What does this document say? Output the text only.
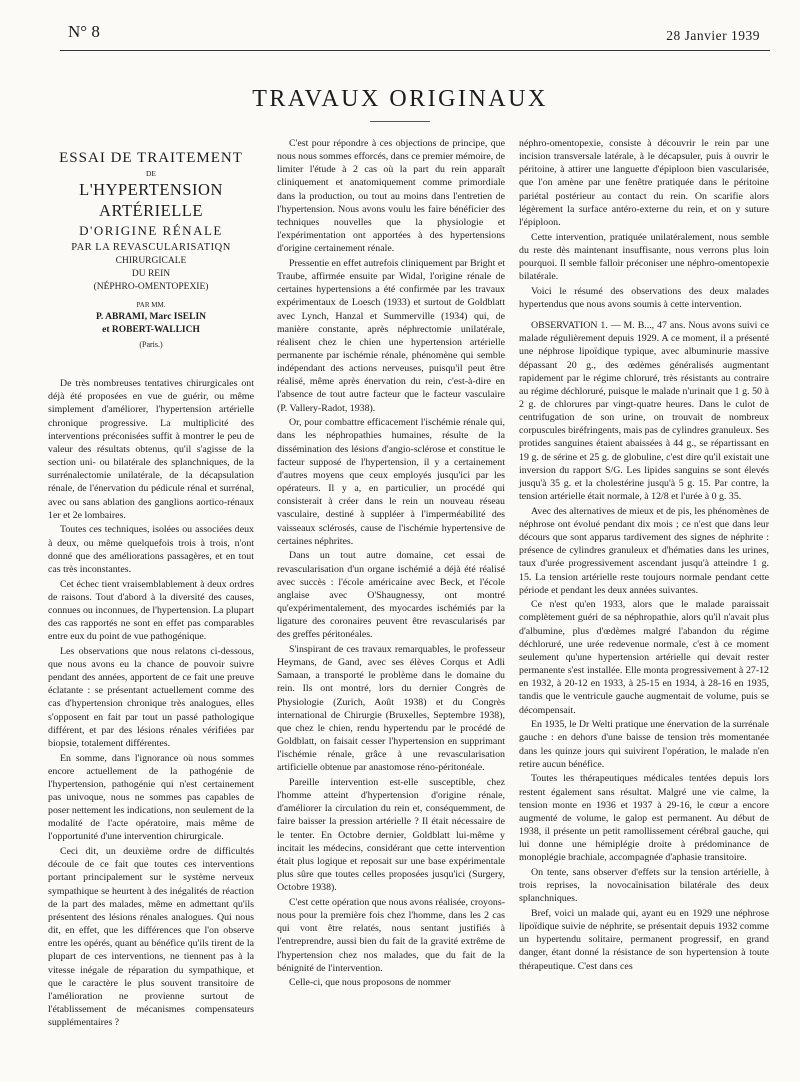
N° 8	28 Janvier 1939
TRAVAUX ORIGINAUX
ESSAI DE TRAITEMENT
DE
L'HYPERTENSION
ARTÉRIELLE
D'ORIGINE RÉNALE
PAR LA REVASCULARISATIQN
CHIRURGICALE
DU REIN
(NÉPHRO-OMENTOPEXIE)
PAR MM.
P. ABRAMI, Marc ISELIN
et ROBERT-WALLICH
(Paris.)

De très nombreuses tentatives chirurgicales ont déjà été proposées en vue de guérir, ou même simplement d'améliorer, l'hypertension artérielle chronique progressive. La multiplicité des interventions préconisées suffit à montrer le peu de valeur des résultats obtenus, qu'il s'agisse de la section uni- ou bilatérale des splanchniques, de la surrénalectomie unilatérale, de la décapsulation rénale, de l'énervation du pédicule rénal et surrénal, avec ou sans ablation des ganglions aortico-rénaux 1er et 2e lombaires.

Toutes ces techniques, isolées ou associées deux à deux, ou même quelquefois trois à trois, n'ont donné que des améliorations passagères, et en tout cas très inconstantes.

Cet échec tient vraisemblablement à deux ordres de raisons. Tout d'abord à la diversité des causes, connues ou inconnues, de l'hypertension. La plupart des cas rapportés ne sont en effet pas comparables entre eux du point de vue pathogénique.

Les observations que nous relatons ci-dessous, que nous avons eu la chance de pouvoir suivre pendant des années, apportent de ce fait une preuve éclatante : se présentant actuellement comme des cas d'hypertension chronique très analogues, elles s'opposent en fait par tout un passé pathologique différent, et par des lésions rénales vérifiées par biopsie, totalement différentes.

En somme, dans l'ignorance où nous sommes encore actuellement de la pathogénie de l'hypertension, pathogénie qui n'est certainement pas univoque, nous ne sommes pas capables de poser nettement les indications, non seulement de la modalité de l'acte opératoire, mais même de l'opportunité d'une intervention chirurgicale.

Ceci dit, un deuxième ordre de difficultés découle de ce fait que toutes ces interventions portant principalement sur le système nerveux sympathique se heurtent à des inégalités de réaction de la part des malades, même en admettant qu'ils présentent des lésions rénales analogues. Qui nous dit, en effet, que les différences que l'on observe entre les opérés, quant au bénéfice qu'ils tirent de la plupart de ces interventions, ne tiennent pas à la vitesse inégale de réparation du sympathique, et que le caractère le plus souvent transitoire de l'amélioration ne provienne surtout de l'établissement de mécanismes compensateurs supplémentaires ?

C'est pour répondre à ces objections de principe, que nous nous sommes efforcés, dans ce premier mémoire, de limiter l'étude à 2 cas où la part du rein apparaît cliniquement et anatomiquement comme primordiale dans la production, ou tout au moins dans l'entretien de l'hypertension. Nous avons voulu les faire bénéficier des techniques nouvelles que la physiologie et l'expérimentation ont apportées à des hypertensions d'origine certainement rénale.

Pressentie en effet autrefois cliniquement par Bright et Traube, affirmée ensuite par Widal, l'origine rénale de certaines hypertensions a été confirmée par les travaux expérimentaux de Loesch (1933) et surtout de Goldblatt avec Lynch, Hanzal et Summerville (1934) qui, de manière constante, après néphrectomie unilatérale, réalisent chez le chien une hypertension artérielle permanente par ischémie rénale, phénomène qui semble indépendant des actions nerveuses, puisqu'il peut être réalisé, même après énervation du rein, c'est-à-dire en l'absence de tout autre facteur que le facteur vasculaire (P. Vallery-Radot, 1938).

Or, pour combattre efficacement l'ischémie rénale qui, dans les néphropathies humaines, résulte de la dissémination des lésions d'angio-sclérose et constitue le facteur supposé de l'hypertension, il y a certainement d'autres moyens que ceux employés jusqu'ici par les opérateurs. Il y a, en particulier, un procédé qui consisterait à créer dans le rein un nouveau réseau vasculaire, destiné à suppléer à l'imperméabilité des vaisseaux sclérosés, cause de l'ischémie hypertensive de certaines néphrites.

Dans un tout autre domaine, cet essai de revascularisation d'un organe ischémié a déjà été réalisé avec succès : l'école américaine avec Beck, et l'école anglaise avec O'Shaugnessy, ont montré qu'expérimentalement, des myocardes ischémiés par la ligature des coronaires peuvent être revascularisés par des greffes péritonéales.

S'inspirant de ces travaux remarquables, le professeur Heymans, de Gand, avec ses élèves Corqus et Adli Samaan, a transporté le problème dans le domaine du rein. Ils ont montré, lors du dernier Congrès de Physiologie (Zurich, Août 1938) et du Congrès international de Chirurgie (Bruxelles, Septembre 1938), que chez le chien, rendu hypertendu par le procédé de Goldblatt, on faisait cesser l'hypertension en supprimant l'ischémie rénale, grâce à une revascularisation artificielle obtenue par anastomose réno-péritonéale.

Pareille intervention est-elle susceptible, chez l'homme atteint d'hypertension d'origine rénale, d'améliorer la circulation du rein et, conséquemment, de faire baisser la pression artérielle ? Il était nécessaire de le tenter. En Octobre dernier, Goldblatt lui-même y incitait les médecins, considérant que cette intervention était plus logique et reposait sur une base expérimentale plus sûre que toutes celles proposées jusqu'ici (Surgery, Octobre 1938).

C'est cette opération que nous avons réalisée, croyons-nous pour la première fois chez l'homme, dans les 2 cas qui vont être relatés, nous sentant justifiés à l'entreprendre, aussi bien du fait de la gravité extrême de l'hypertension chez nos malades, que du fait de la bénignité de l'intervention.

Celle-ci, que nous proposons de nommer

néphro-omentopexie, consiste à découvrir le rein par une incision transversale latérale, à le décapsuler, puis à ouvrir le péritoine, à attirer une languette d'épiploon bien vascularisée, que l'on amène par une fenêtre pratiquée dans le péritoine pariétal postérieur au contact du rein. On scarifie alors légèrement la surface antéro-externe du rein, et on y suture l'épiploon.

Cette intervention, pratiquée unilatéralement, nous semble du reste dès maintenant insuffisante, nous verrons plus loin pourquoi. Il semble falloir préconiser une néphro-omentopexie bilatérale.

Voici le résumé des observations des deux malades hypertendus que nous avons soumis à cette intervention.

OBSERVATION 1. — M. B..., 47 ans. Nous avons suivi ce malade régulièrement depuis 1929. A ce moment, il a présenté une néphrose lipoïdique typique, avec albuminurie massive dépassant 20 g., des œdèmes généralisés augmentant rapidement par le régime chloruré, très résistants au contraire au régime déchloruré, puisque le malade n'urinait que 1 g. 50 à 2 g. de chlorures par vingt-quatre heures. Dans le culot de centrifugation de son urine, on trouvait de nombreux corpuscules biréfringents, mais pas de cylindres granuleux. Ses protides sanguines étaient abaissées à 44 g., se répartissant en 19 g. de sérine et 25 g. de globuline, c'est dire qu'il existait une inversion du rapport S/G. Les lipides sanguins se sont élevés jusqu'à 35 g. et la cholestérine jusqu'à 5 g. 15. Par contre, la tension artérielle était normale, à 12/8 et l'urée à 0 g. 35.

Avec des alternatives de mieux et de pis, les phénomènes de néphrose ont évolué pendant dix mois ; ce n'est que dans leur décours que sont apparus tardivement des signes de néphrite : présence de cylindres granuleux et d'hématies dans les urines, taux d'urée progressivement ascendant jusqu'à atteindre 1 g. 15. La tension artérielle reste toujours normale pendant cette période et pendant les deux années suivantes.

Ce n'est qu'en 1933, alors que le malade paraissait complètement guéri de sa néphropathie, alors qu'il n'avait plus d'albumine, plus d'œdèmes malgré l'abandon du régime déchloruré, une urée redevenue normale, c'est à ce moment seulement qu'une hypertension artérielle qui devait rester permanente s'est installée. Elle monta progressivement à 27-12 en 1932, à 20-12 en 1933, à 25-15 en 1934, à 28-16 en 1935, tandis que le ventricule gauche augmentait de volume, puis se décompensait.

En 1935, le Dr Welti pratique une énervation de la surrénale gauche : en dehors d'une baisse de tension très momentanée dans les quinze jours qui suivirent l'opération, le malade n'en retire aucun bénéfice.

Toutes les thérapeutiques médicales tentées depuis lors restent également sans résultat. Malgré une vie calme, la tension monte en 1936 et 1937 à 29-16, le cœur a encore augmenté de volume, le galop est permanent. Au début de 1938, il présente un petit ramollissement cérébral gauche, qui lui donne une hémiplégie droite à prédominance de monoplégie brachiale, accompagnée d'aphasie transitoire.

On tente, sans observer d'effets sur la tension artérielle, à trois reprises, la novocaïnisation bilatérale des deux splanchniques.

Bref, voici un malade qui, ayant eu en 1929 une néphrose lipoïdique suivie de néphrite, se présentait depuis 1932 comme un hypertendu solitaire, permanent progressif, en grand danger, étant donné la résistance de son hypertension à toute thérapeutique. C'est dans ces
